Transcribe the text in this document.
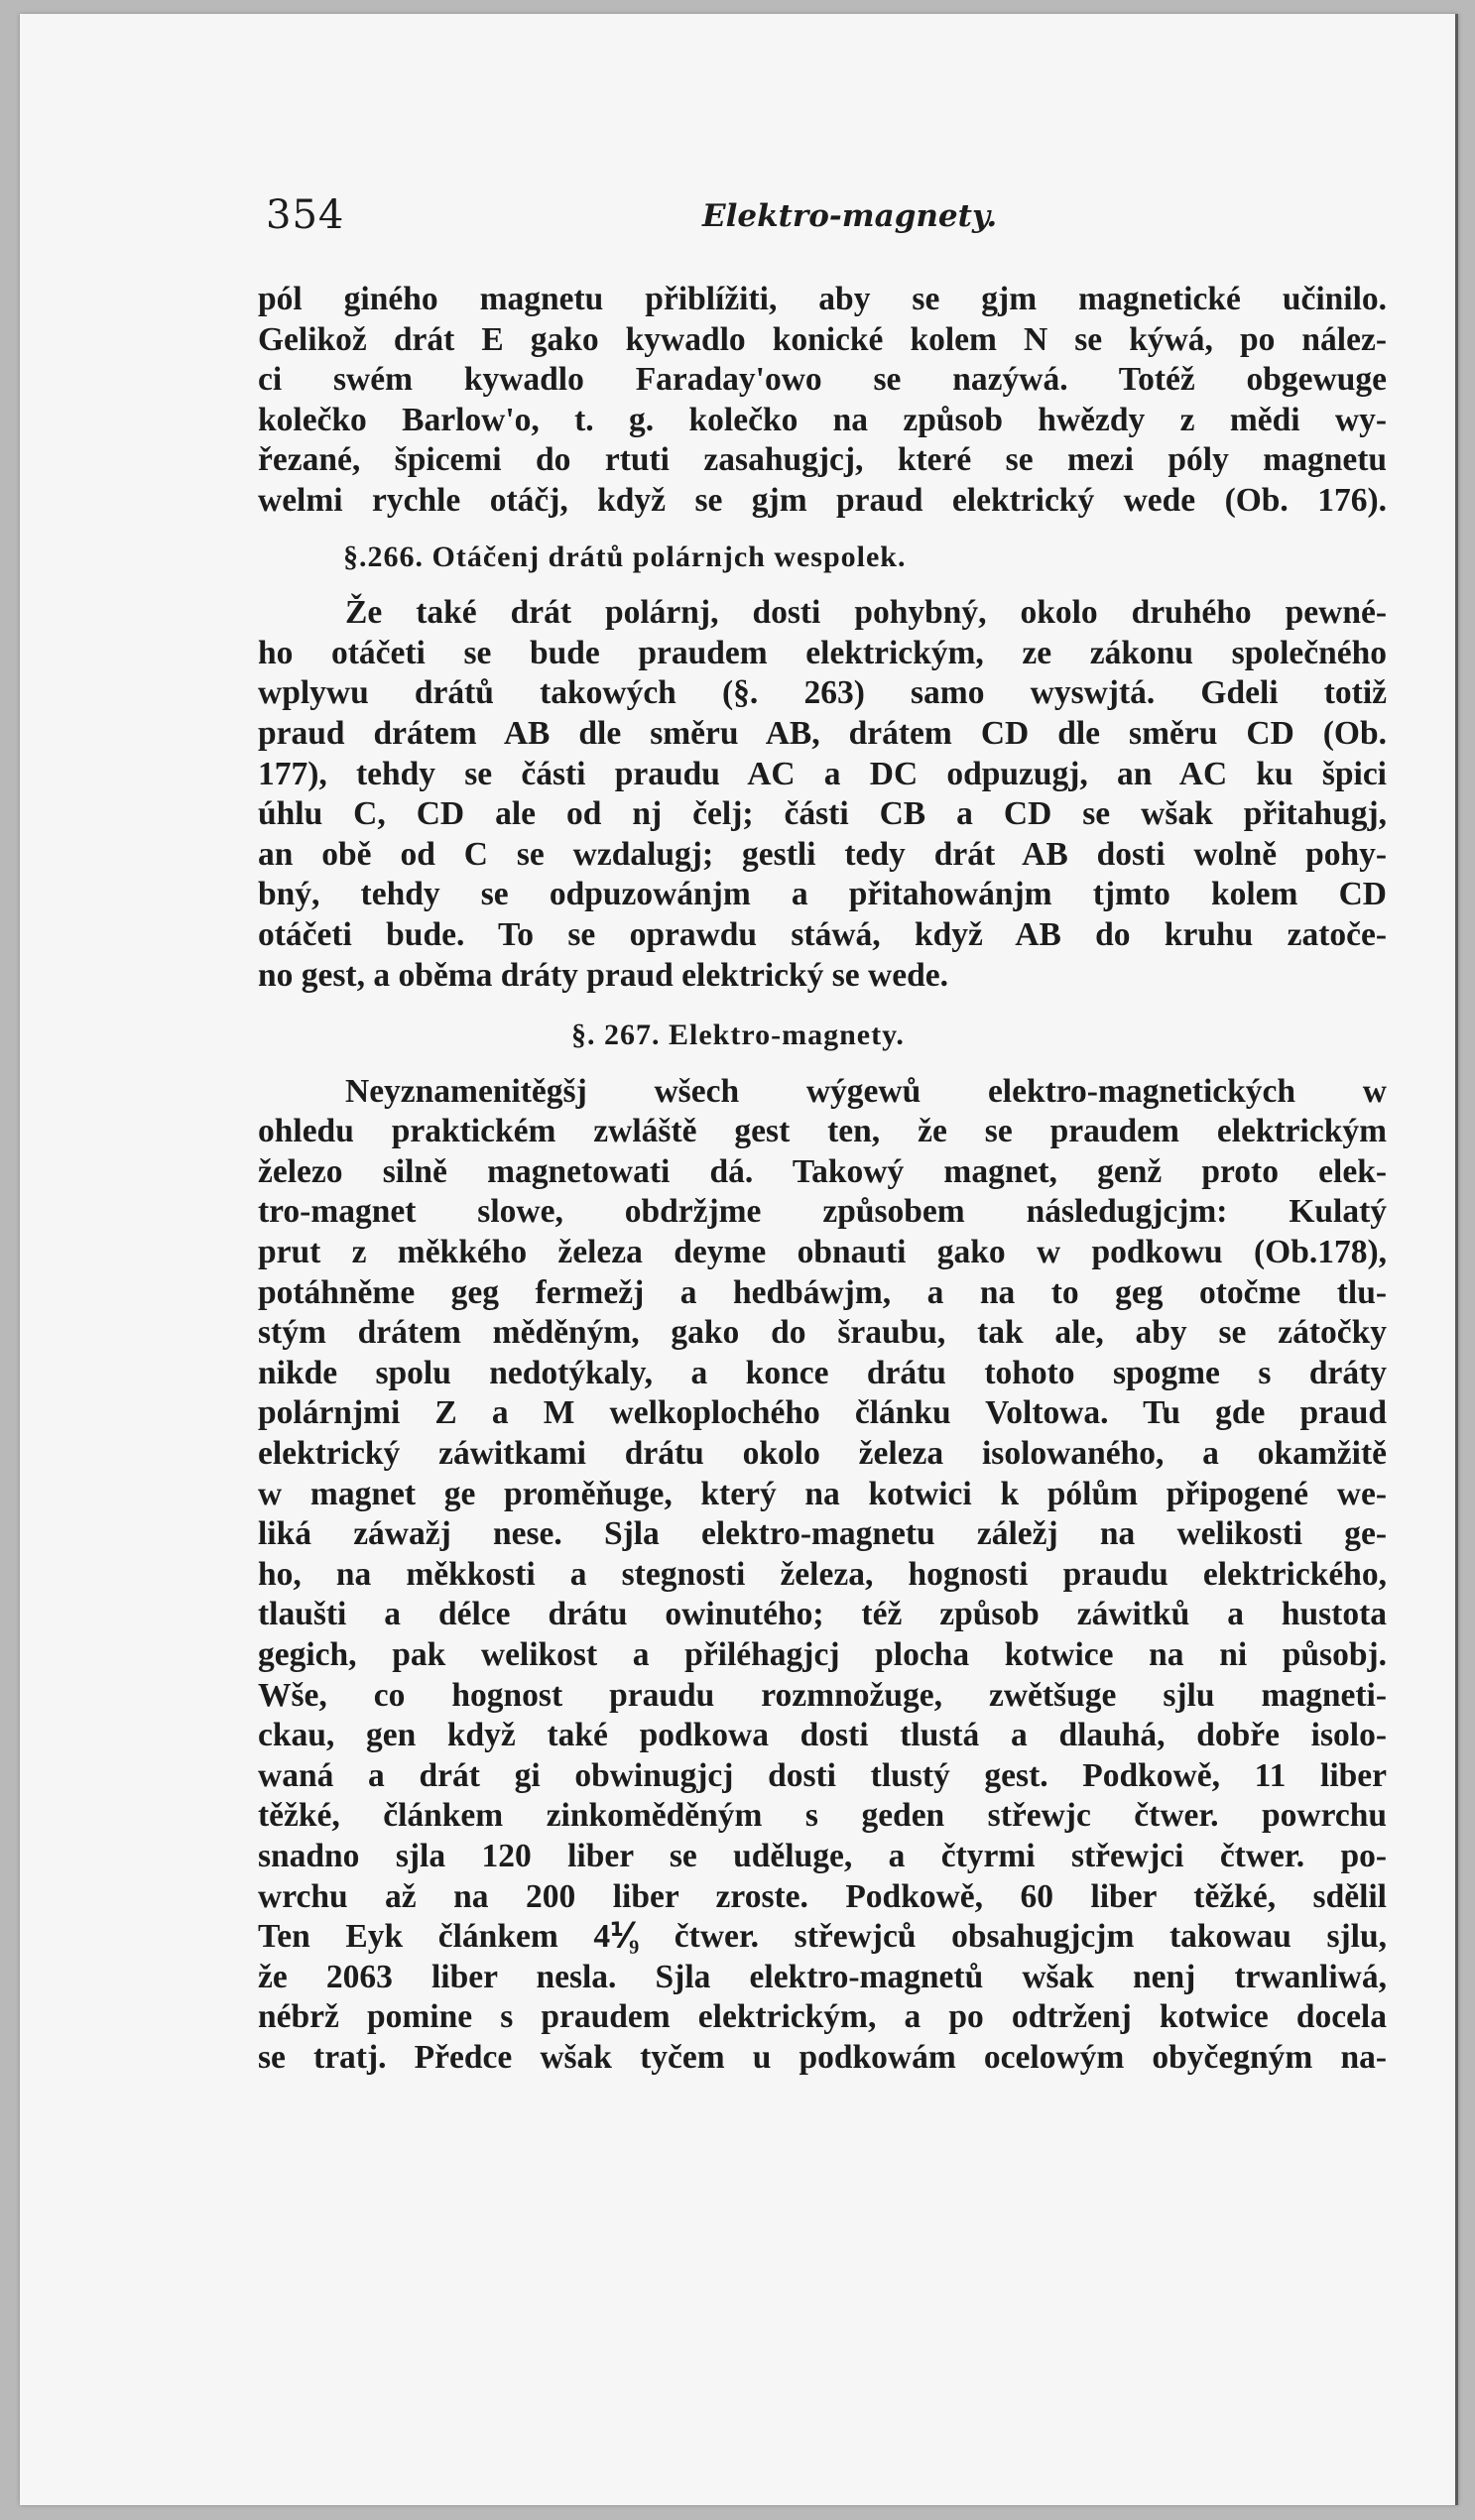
354	Elektro-magnety.
pól giného magnetu přiblížiti, aby se gjm magnetické učinilo.
Gelikož drát E gako kywadlo konické kolem N se kýwá, po nález-
ci swém kywadlo Faraday'owo se nazýwá. Totéž obgewuge
kolečko Barlow'o, t. g. kolečko na způsob hwězdy z mědi wy-
řezané, špicemi do rtuti zasahugjcj, které se mezi póly magnetu
welmi rychle otáčj, když se gjm praud elektrický wede (Ob. 176).
§.266. Otáčenj drátů polárnjch wespolek.
Že také drát polárnj, dosti pohybný, okolo druhého pewné-
ho otáčeti se bude praudem elektrickým, ze zákonu společného
wplywu drátů takowých (§. 263) samo wyswjtá. Gdeli totiž
praud drátem AB dle směru AB, drátem CD dle směru CD (Ob.
177), tehdy se části praudu AC a DC odpuzugj, an AC ku špici
úhlu C, CD ale od nj čelj; části CB a CD se wšak přitahugj,
an obě od C se wzdalugj; gestli tedy drát AB dosti wolně pohy-
bný, tehdy se odpuzowánjm a přitahowánjm tjmto kolem CD
otáčeti bude. To se oprawdu stáwá, když AB do kruhu zatoče-
no gest, a oběma dráty praud elektrický se wede.
§. 267. Elektro-magnety.
Neyznamenitěgšj wšech wýgewů elektro-magnetických w
ohledu praktickém zwláště gest ten, že se praudem elektrickým
železo silně magnetowati dá. Takowý magnet, genž proto elek-
tro-magnet slowe, obdržjme způsobem následugjcjm: Kulatý
prut z měkkého železa deyme obnauti gako w podkowu (Ob.178),
potáhněme geg fermežj a hedbáwjm, a na to geg otočme tlu-
stým drátem měděným, gako do šraubu, tak ale, aby se zátočky
nikde spolu nedotýkaly, a konce drátu tohoto spogme s dráty
polárnjmi Z a M welkoplochého článku Voltowa. Tu gde praud
elektrický záwitkami drátu okolo železa isolowaného, a okamžitě
w magnet ge proměňuge, který na kotwici k pólům připogené we-
liká záwažj nese. Sjla elektro-magnetu záležj na welikosti ge-
ho, na měkkosti a stegnosti železa, hognosti praudu elektrického,
tlaušti a délce drátu owinutého; též způsob záwitků a hustota
gegich, pak welikost a přiléhagjcj plocha kotwice na ni působj.
Wše, co hognost praudu rozmnožuge, zwětšuge sjlu magneti-
ckau, gen když také podkowa dosti tlustá a dlauhá, dobře isolo-
waná a drát gi obwinugjcj dosti tlustý gest. Podkowě, 11 liber
těžké, článkem zinkoměděným s geden střewjc čtwer. powrchu
snadno sjla 120 liber se uděluge, a čtyrmi střewjci čtwer. po-
wrchu až na 200 liber zroste. Podkowě, 60 liber těžké, sdělil
Ten Eyk článkem 4⅟₉ čtwer. střewjců obsahugjcjm takowau sjlu,
že 2063 liber nesla. Sjla elektro-magnetů wšak nenj trwanliwá,
nébrž pomine s praudem elektrickým, a po odtrženj kotwice docela
se tratj. Předce wšak tyčem u podkowám ocelowým obyčegným na-
